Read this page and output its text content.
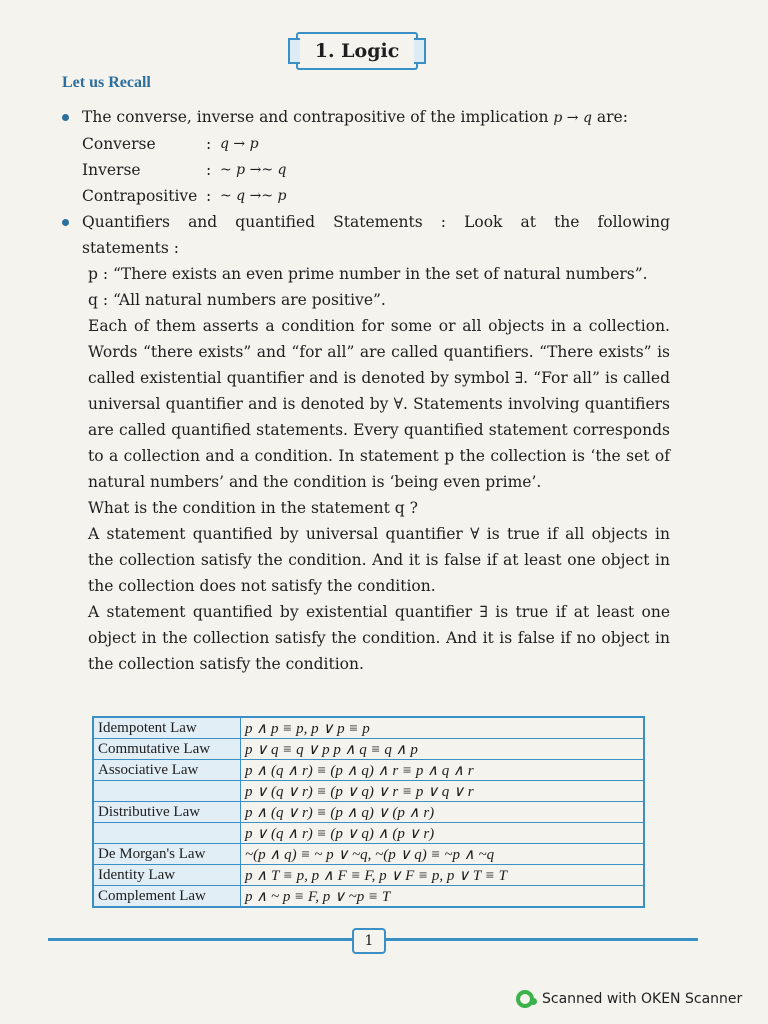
1. Logic
Let us Recall
The converse, inverse and contrapositive of the implication p → q are:
Converse	: q → p
Inverse	: ~ p →~ q
Contrapositive : ~ q →~ p
Quantifiers and quantified Statements : Look at the following
statements :
p : “There exists an even prime number in the set of natural numbers”.
q : “All natural numbers are positive”.
Each of them asserts a condition for some or all objects in a collection. Words “there exists” and “for all” are called quantifiers. “There exists” is called existential quantifier and is denoted by symbol ∃. “For all” is called universal quantifier and is denoted by ∀. Statements involving quantifiers are called quantified statements. Every quantified statement corresponds to a collection and a condition. In statement p the collection is ‘the set of natural numbers’ and the condition is ‘being even prime’.
What is the condition in the statement q ?
A statement quantified by universal quantifier ∀ is true if all objects in the collection satisfy the condition. And it is false if at least one object in the collection does not satisfy the condition.
A statement quantified by existential quantifier ∃ is true if at least one object in the collection satisfy the condition. And it is false if no object in the collection satisfy the condition.
Idempotent Law	p ∧ p ≡ p, p ∨ p ≡ p
Commutative Law	p ∨ q ≡ q ∨ p p ∧ q ≡ q ∧ p
Associative Law	p ∧ (q ∧ r) ≡ (p ∧ q) ∧ r ≡ p ∧ q ∧ r
	p ∨ (q ∨ r) ≡ (p ∨ q) ∨ r ≡ p ∨ q ∨ r
Distributive Law	p ∧ (q ∨ r) ≡ (p ∧ q) ∨ (p ∧ r)
	p ∨ (q ∧ r) ≡ (p ∨ q) ∧ (p ∨ r)
De Morgan's Law	~(p ∧ q) ≡ ~ p ∨ ~q, ~(p ∨ q) ≡ ~p ∧ ~q
Identity Law	p ∧ T ≡ p, p ∧ F ≡ F, p ∨ F ≡ p, p ∨ T ≡ T
Complement Law	p ∧ ~ p ≡ F, p ∨ ~p ≡ T
1
Scanned with OKEN Scanner
